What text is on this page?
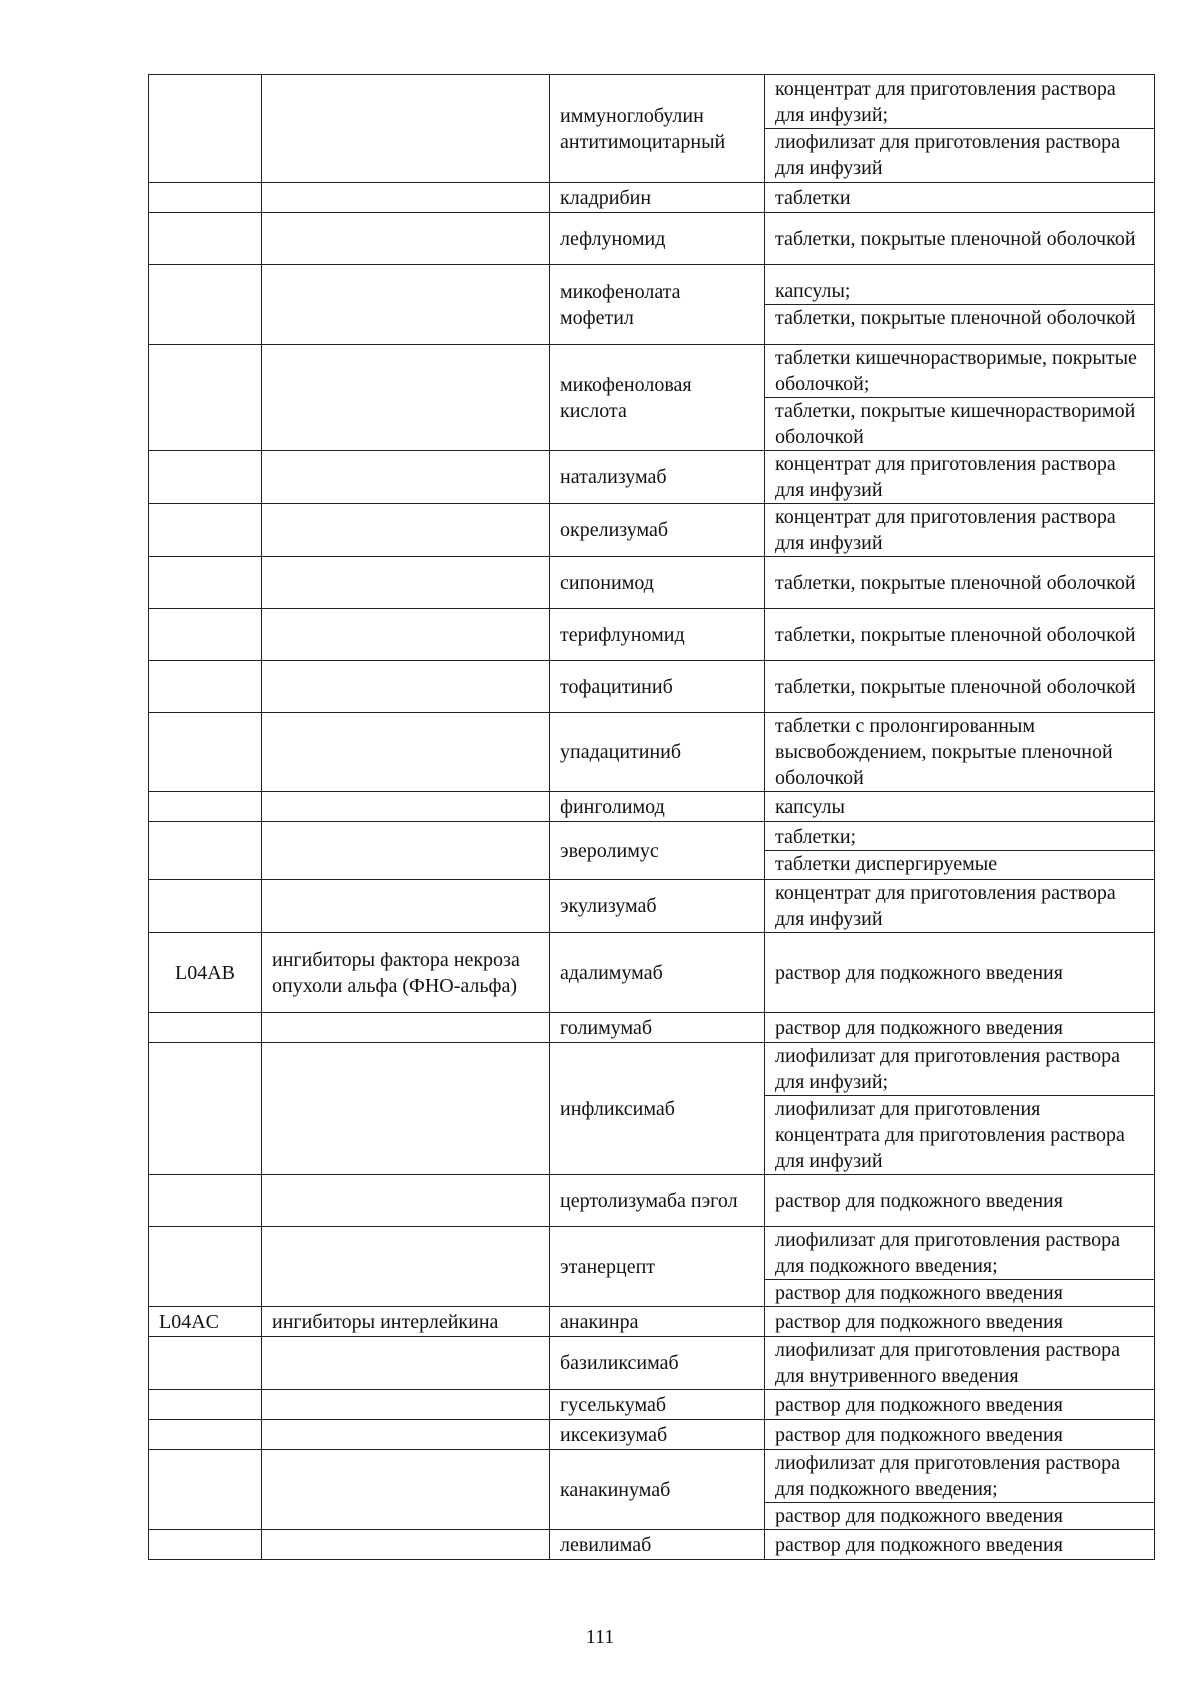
		иммуноглобулин антитимоцитарный	концентрат для приготовления раствора для инфузий;
лиофилизат для приготовления раствора для инфузий

		кладрибин	таблетки

		лефлуномид	таблетки, покрытые пленочной оболочкой

		микофенолата мофетил	капсулы;
таблетки, покрытые пленочной оболочкой

		микофеноловая кислота	таблетки кишечнорастворимые, покрытые оболочкой;
таблетки, покрытые кишечнорастворимой оболочкой

		натализумаб	концентрат для приготовления раствора для инфузий

		окрелизумаб	концентрат для приготовления раствора для инфузий

		сипонимод	таблетки, покрытые пленочной оболочкой

		терифлуномид	таблетки, покрытые пленочной оболочкой

		тофацитиниб	таблетки, покрытые пленочной оболочкой

		упадацитиниб	таблетки с пролонгированным высвобождением, покрытые пленочной оболочкой

		финголимод	капсулы

		эверолимус	таблетки;
таблетки диспергируемые

		экулизумаб	концентрат для приготовления раствора для инфузий

L04AB	ингибиторы фактора некроза опухоли альфа (ФНО-альфа)	адалимумаб	раствор для подкожного введения

		голимумаб	раствор для подкожного введения

		инфликсимаб	лиофилизат для приготовления раствора для инфузий;
лиофилизат для приготовления концентрата для приготовления раствора для инфузий

		цертолизумаба пэгол	раствор для подкожного введения

		этанерцепт	лиофилизат для приготовления раствора для подкожного введения;
раствор для подкожного введения

L04AC	ингибиторы интерлейкина	анакинра	раствор для подкожного введения

		базиликсимаб	лиофилизат для приготовления раствора для внутривенного введения

		гуселькумаб	раствор для подкожного введения

		иксекизумаб	раствор для подкожного введения

		канакинумаб	лиофилизат для приготовления раствора для подкожного введения;
раствор для подкожного введения

		левилимаб	раствор для подкожного введения
111
